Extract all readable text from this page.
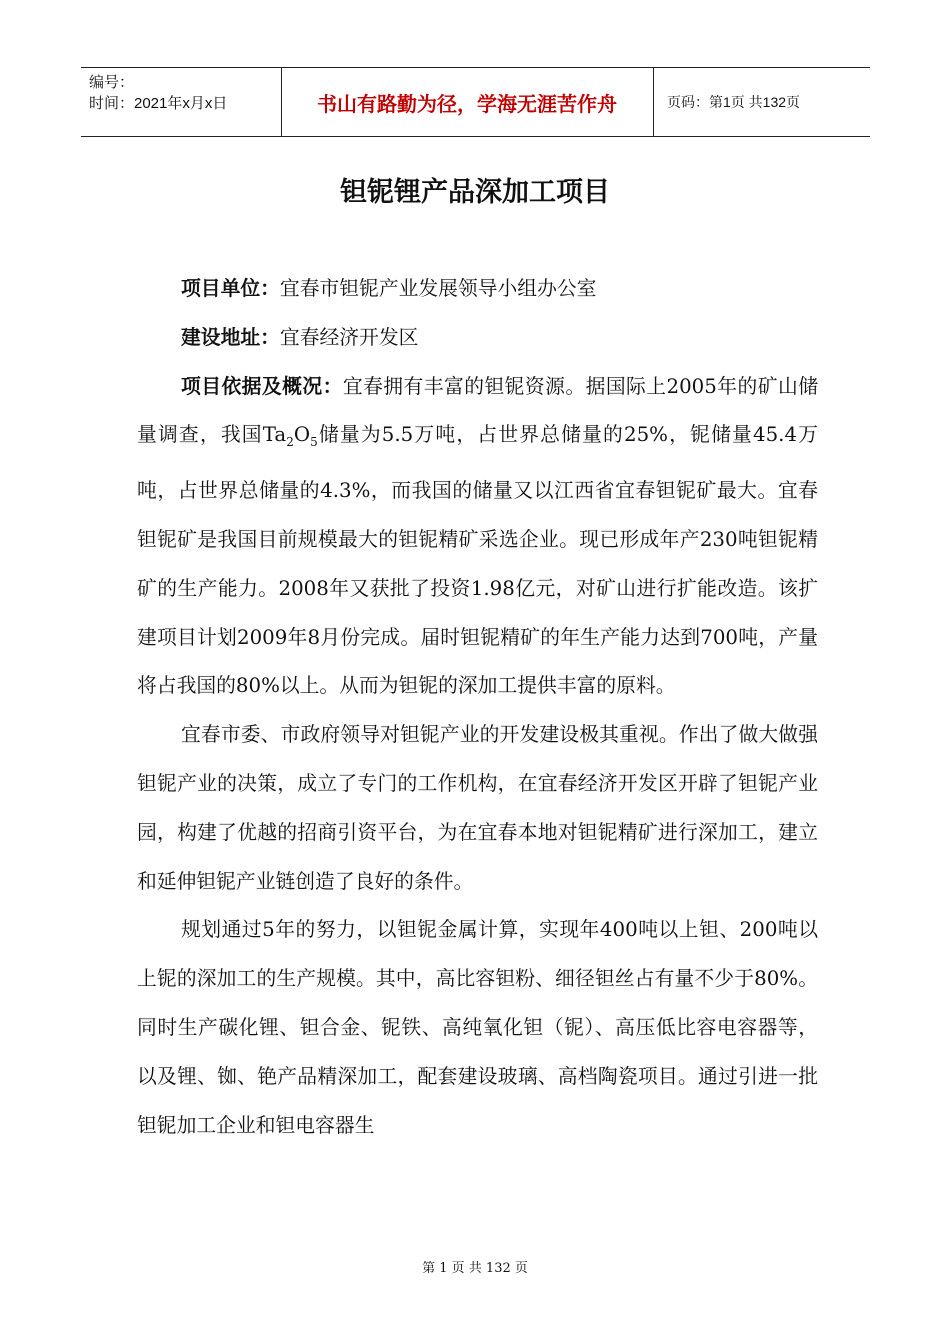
编号：
时间：2021年x月x日	书山有路勤为径，学海无涯苦作舟	页码：第1页 共132页
钽铌锂产品深加工项目

项目单位：宜春市钽铌产业发展领导小组办公室

建设地址：宜春经济开发区

项目依据及概况：宜春拥有丰富的钽铌资源。据国际上2005年的矿山储量调查，我国$Ta_2O_5$储量为5.5万吨，占世界总储量的25%，铌储量45.4万吨，占世界总储量的4.3%，而我国的储量又以江西省宜春钽铌矿最大。宜春钽铌矿是我国目前规模最大的钽铌精矿采选企业。现已形成年产230吨钽铌精矿的生产能力。2008年又获批了投资1.98亿元，对矿山进行扩能改造。该扩建项目计划2009年8月份完成。届时钽铌精矿的年生产能力达到700吨，产量将占我国的80%以上。从而为钽铌的深加工提供丰富的原料。

宜春市委、市政府领导对钽铌产业的开发建设极其重视。作出了做大做强钽铌产业的决策，成立了专门的工作机构，在宜春经济开发区开辟了钽铌产业园，构建了优越的招商引资平台，为在宜春本地对钽铌精矿进行深加工，建立和延伸钽铌产业链创造了良好的条件。

规划通过5年的努力，以钽铌金属计算，实现年400吨以上钽、200吨以上铌的深加工的生产规模。其中，高比容钽粉、细径钽丝占有量不少于80%。同时生产碳化锂、钽合金、铌铁、高纯氧化钽（铌）、高压低比容电容器等，以及锂、铷、铯产品精深加工，配套建设玻璃、高档陶瓷项目。通过引进一批钽铌加工企业和钽电容器生

第 1 页 共 132 页
